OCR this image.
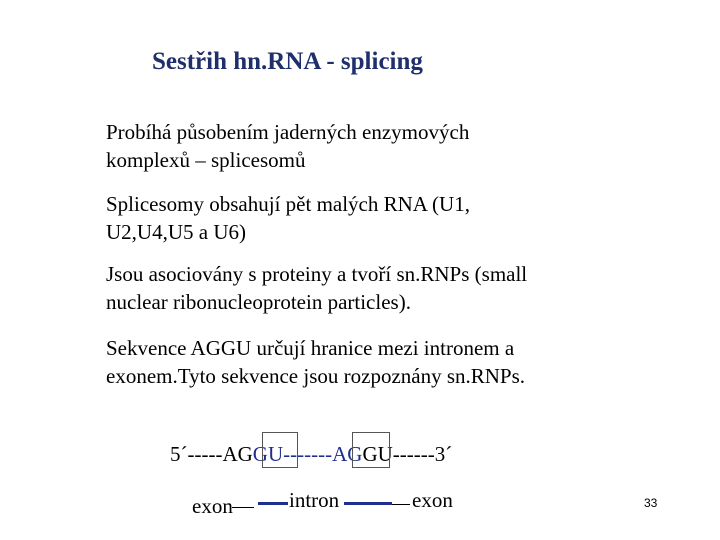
Sestřih hn.RNA - splicing
Probíhá působením jaderných enzymových
komplexů – splicesomů
Splicesomy obsahují pět malých RNA (U1,
U2,U4,U5 a U6)
Jsou asociovány s proteiny a tvoří sn.RNPs (small
nuclear ribonucleoprotein particles).
Sekvence AGGU určují hranice mezi intronem a
exonem.Tyto sekvence jsou rozpoznány sn.RNPs.
5´-----AGGU-------AGGU------3´
exon	intron	exon	33
